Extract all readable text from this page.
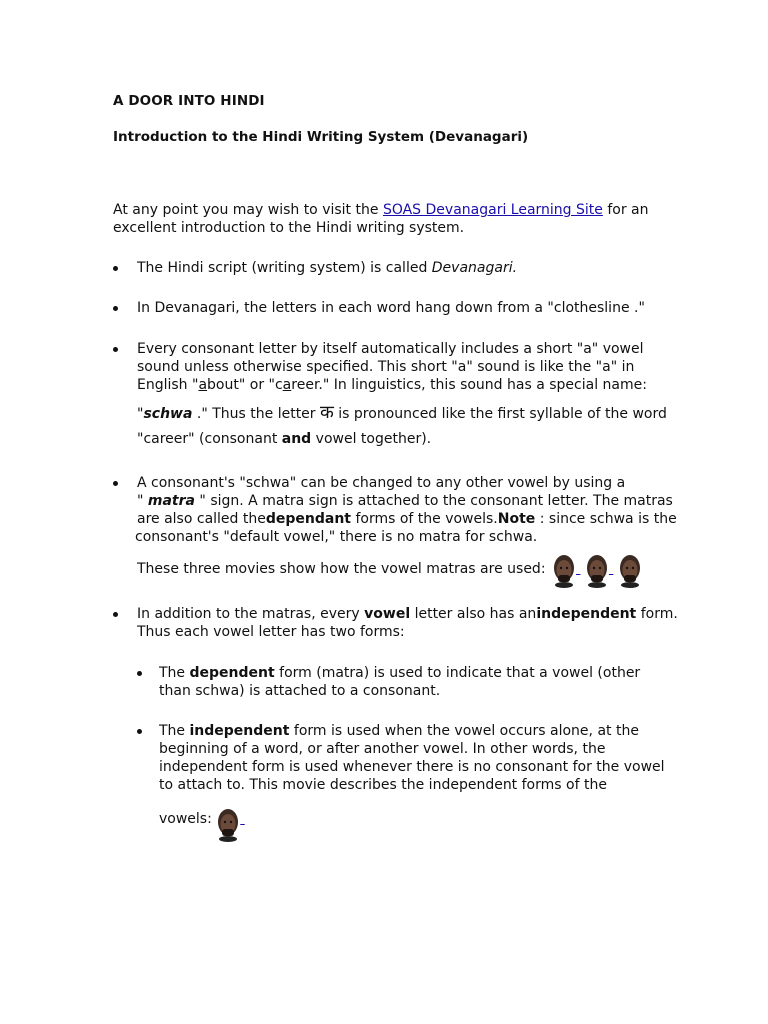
A DOOR INTO HINDI
Introduction to the Hindi Writing System (Devanagari)
At any point you may wish to visit the SOAS Devanagari Learning Site for an
excellent introduction to the Hindi writing system.
The Hindi script (writing system) is called Devanagari.
In Devanagari, the letters in each word hang down from a "clothesline ."
Every consonant letter by itself automatically includes a short "a" vowel
sound unless otherwise specified. This short "a" sound is like the "a" in
English "about" or "career." In linguistics, this sound has a special name:
"schwa ." Thus the letter क is pronounced like the first syllable of the word
"career" (consonant and vowel together).
A consonant's "schwa" can be changed to any other vowel by using a
" matra " sign. A matra sign is attached to the consonant letter. The matras
are also called thedependant forms of the vowels.Note : since schwa is the
consonant's "default vowel," there is no matra for schwa.
These three movies show how the vowel matras are used:

In addition to the matras, every vowel letter also has anindependent form.
Thus each vowel letter has two forms:
The dependent form (matra) is used to indicate that a vowel (other
than schwa) is attached to a consonant.
The independent form is used when the vowel occurs alone, at the
beginning of a word, or after another vowel. In other words, the
independent form is used whenever there is no consonant for the vowel
to attach to. This movie describes the independent forms of the
vowels:
